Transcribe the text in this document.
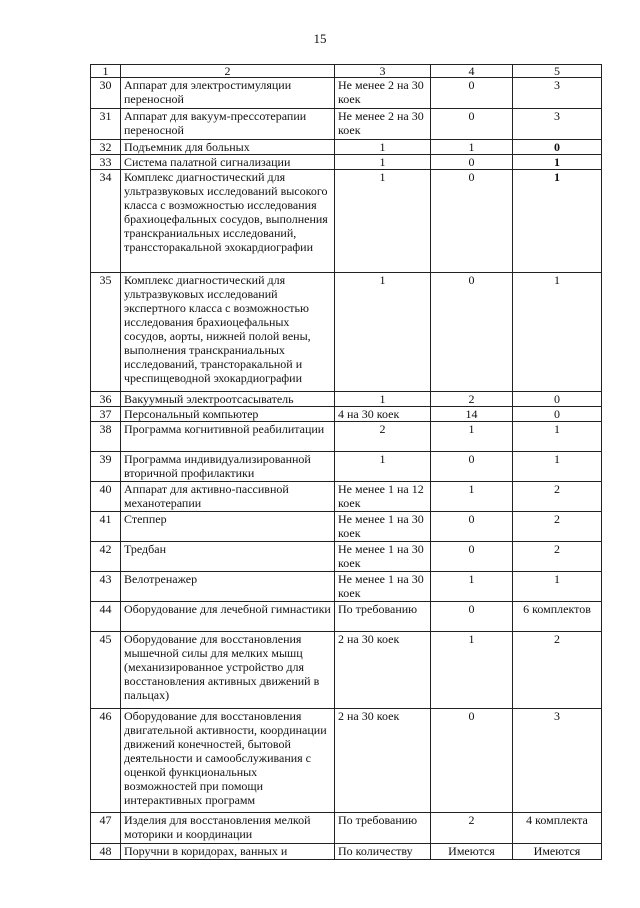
15
1	2	3	4	5
30	Аппарат для электростимуляции переносной	Не менее 2 на 30 коек	0	3
31	Аппарат для вакуум-прессотерапии переносной	Не менее 2 на 30 коек	0	3
32	Подъемник для больных	1	1	0
33	Система палатной сигнализации	1	0	1
34	Комплекс диагностический для ультразвуковых исследований высокого класса с возможностью исследования брахиоцефальных сосудов, выполнения транскраниальных исследований, транссторакальной эхокардиографии	1	0	1
35	Комплекс диагностический для ультразвуковых исследований экспертного класса с возможностью исследования брахиоцефальных сосудов, аорты, нижней полой вены, выполнения транскраниальных исследований, трансторакальной и чреспищеводной эхокардиографии	1	0	1
36	Вакуумный электроотсасыватель	1	2	0
37	Персональный компьютер	4 на 30 коек	14	0
38	Программа когнитивной реабилитации	2	1	1
39	Программа индивидуализированной вторичной профилактики	1	0	1
40	Аппарат для активно-пассивной механотерапии	Не менее 1 на 12 коек	1	2
41	Степпер	Не менее 1 на 30 коек	0	2
42	Тредбан	Не менее 1 на 30 коек	0	2
43	Велотренажер	Не менее 1 на 30 коек	1	1
44	Оборудование для лечебной гимнастики	По требованию	0	6 комплектов
45	Оборудование для восстановления мышечной силы для мелких мышц (механизированное устройство для восстановления активных движений в пальцах)	2 на 30 коек	1	2
46	Оборудование для восстановления двигательной активности, координации движений конечностей, бытовой деятельности и самообслуживания с оценкой функциональных возможностей при помощи интерактивных программ	2 на 30 коек	0	3
47	Изделия для восстановления мелкой моторики и координации	По требованию	2	4 комплекта
48	Поручни в коридорах, ванных и	По количеству	Имеются	Имеются
